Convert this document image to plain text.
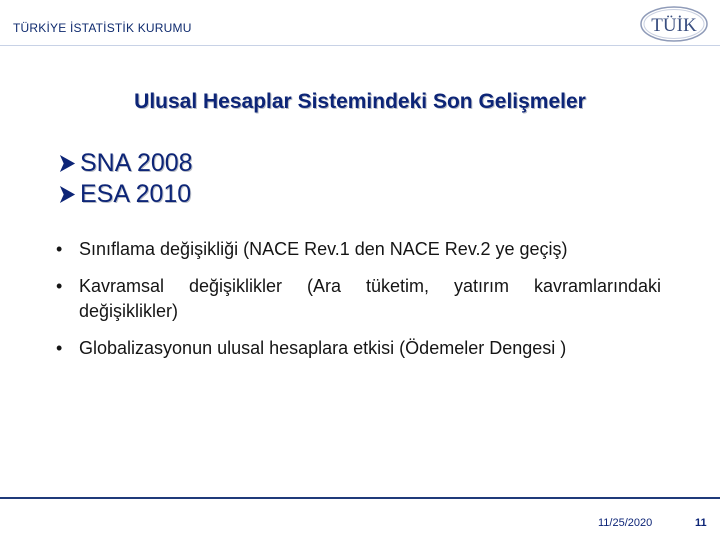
TÜRKİYE İSTATİSTİK KURUMU	TÜİK
Ulusal Hesaplar Sistemindeki Son Gelişmeler
SNA 2008
ESA 2010
• Sınıflama değişikliği (NACE Rev.1 den NACE Rev.2 ye geçiş)
• Kavramsal değişiklikler (Ara tüketim, yatırım kavramlarındaki değişiklikler)
• Globalizasyonun ulusal hesaplara etkisi (Ödemeler Dengesi )
11/25/2020	11
